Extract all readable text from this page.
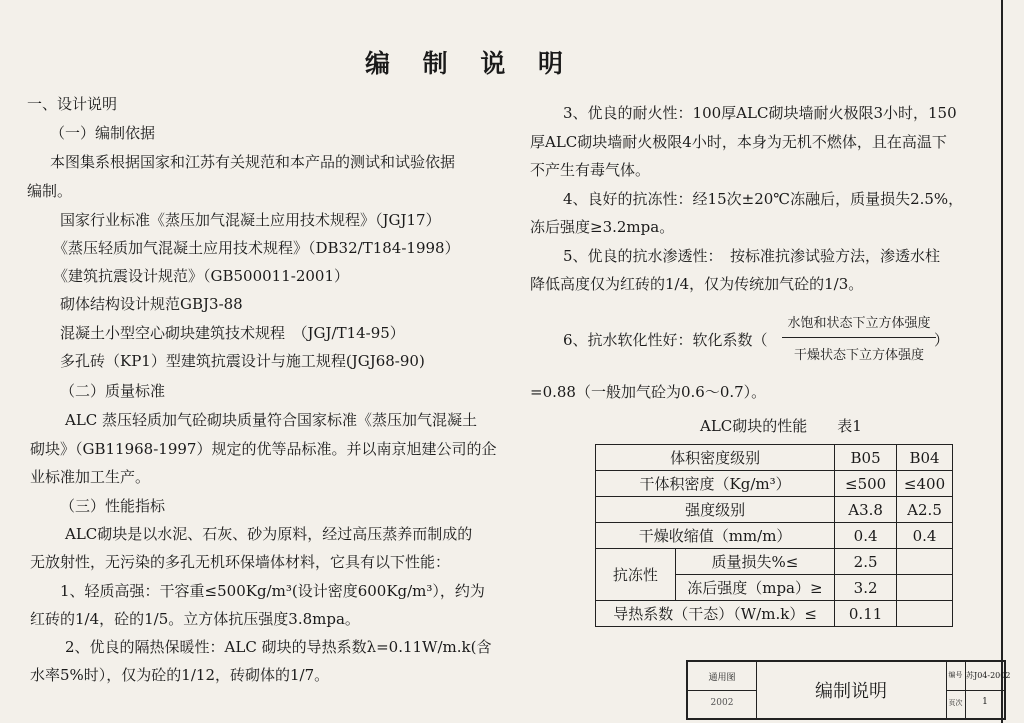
编 制 说 明
一、设计说明
（一）编制依据
本图集系根据国家和江苏有关规范和本产品的测试和试验依据
编制。
国家行业标准《蒸压加气混凝土应用技术规程》（JGJ17）
《蒸压轻质加气混凝土应用技术规程》（DB32/T184-1998）
《建筑抗震设计规范》（GB500011-2001）
砌体结构设计规范GBJ3-88
混凝土小型空心砌块建筑技术规程　（JGJ/T14-95）
多孔砖（KP1）型建筑抗震设计与施工规程(JGJ68-90)
（二）质量标准
ALC 蒸压轻质加气砼砌块质量符合国家标准《蒸压加气混凝土
砌块》（GB11968-1997）规定的优等品标准。并以南京旭建公司的企
业标准加工生产。
（三）性能指标
ALC砌块是以水泥、石灰、砂为原料，经过高压蒸养而制成的
无放射性，无污染的多孔无机环保墙体材料，它具有以下性能：
1、轻质高强：干容重≤500Kg/m³(设计密度600Kg/m³），约为
红砖的1/4，砼的1/5。立方体抗压强度3.8mpa。
2、优良的隔热保暖性：ALC 砌块的导热系数λ=0.11W/m.k(含
水率5%时），仅为砼的1/12，砖砌体的1/7。
3、优良的耐火性：100厚ALC砌块墙耐火极限3小时，150
厚ALC砌块墙耐火极限4小时，本身为无机不燃体，且在高温下
不产生有毒气体。
4、良好的抗冻性：经15次±20℃冻融后，质量损失2.5%，
冻后强度≥3.2mpa。
5、优良的抗水渗透性：　按标准抗渗试验方法，渗透水柱
降低高度仅为红砖的1/4，仅为传统加气砼的1/3。
6、抗水软化性好：软化系数（
水饱和状态下立方体强度
干燥状态下立方体强度
）
=0.88（一般加气砼为0.6～0.7）。
ALC砌块的性能　　表1
体积密度级别		B05	B04
干体积密度（Kg/m³）		≤500	≤400
强度级别		A3.8	A2.5
干燥收缩值（mm/m）		0.4	0.4
抗冻性	质量损失%≤	2.5	
	冻后强度（mpa）≥	3.2	
导热系数（干态）（W/m.k）≤		0.11	
通用图
2002
编制说明
编号 苏J04-2002
页次	1
